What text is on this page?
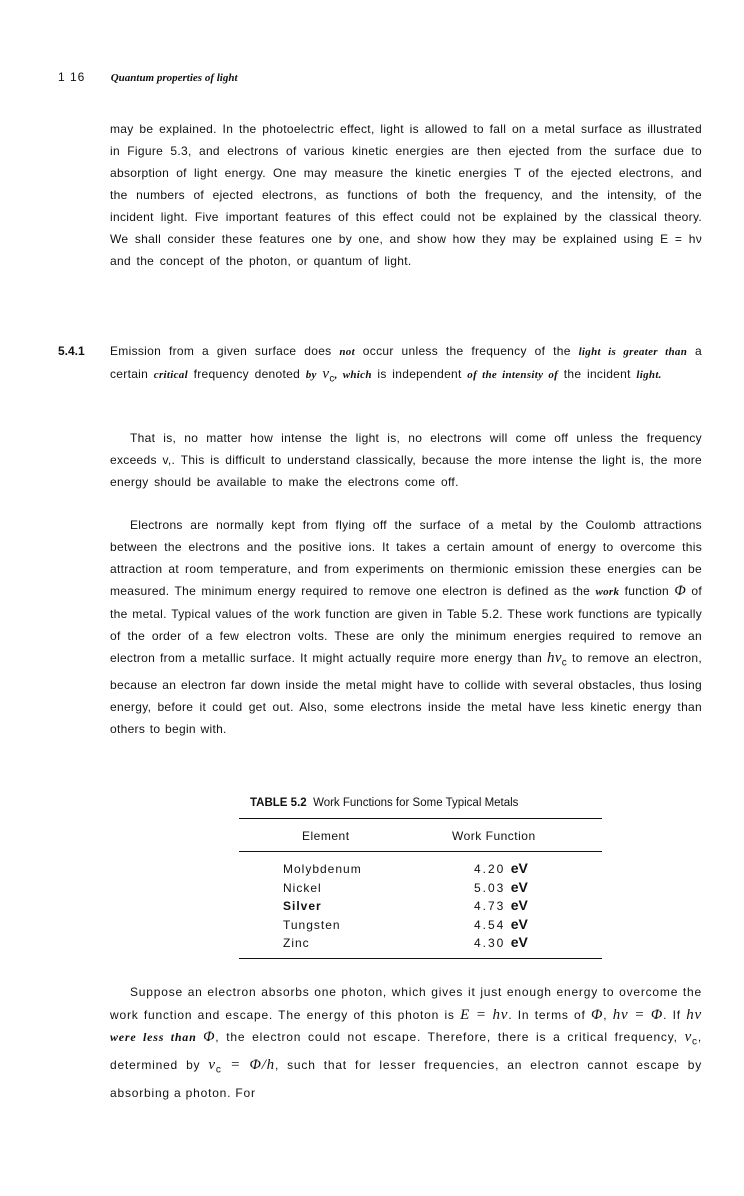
1 16 Quantum properties of light
may be explained. In the photoelectric effect, light is allowed to fall on a metal surface as illustrated in Figure 5.3, and electrons of various kinetic energies are then ejected from the surface due to absorption of light energy. One may measure the kinetic energies T of the ejected electrons, and the numbers of ejected electrons, as functions of both the frequency, and the intensity, of the incident light. Five important features of this effect could not be explained by the classical theory. We shall consider these features one by one, and show how they may be explained using E = hν and the concept of the photon, or quantum of light.
5.4.1 Emission from a given surface does not occur unless the frequency of the light is greater than a certain critical frequency denoted by $\nu_c$, which is independent of the intensity of the incident light.
That is, no matter how intense the light is, no electrons will come off unless the frequency exceeds v,. This is difficult to understand classically, because the more intense the light is, the more energy should be available to make the electrons come off.
Electrons are normally kept from flying off the surface of a metal by the Coulomb attractions between the electrons and the positive ions. It takes a certain amount of energy to overcome this attraction at room temperature, and from experiments on thermionic emission these energies can be measured. The minimum energy required to remove one electron is defined as the work function Φ of the metal. Typical values of the work function are given in Table 5.2. These work functions are typically of the order of a few electron volts. These are only the minimum energies required to remove an electron from a metallic surface. It might actually require more energy than $h\nu_c$ to remove an electron, because an electron far down inside the metal might have to collide with several obstacles, thus losing energy, before it could get out. Also, some electrons inside the metal have less kinetic energy than others to begin with.
TABLE 5.2 Work Functions for Some Typical Metals
Element	Work Function
Molybdenum	4.20 eV
Nickel	5.03 eV
Silver	4.73 eV
Tungsten	4.54 eV
Zinc	4.30 eV
Suppose an electron absorbs one photon, which gives it just enough energy to overcome the work function and escape. The energy of this photon is E = hν. In terms of Φ, hν = Φ. If hν were less than Φ, the electron could not escape. Therefore, there is a critical frequency, $\nu_c$, determined by $\nu_c = \Phi/h$, such that for lesser frequencies, an electron cannot escape by absorbing a photon. For
